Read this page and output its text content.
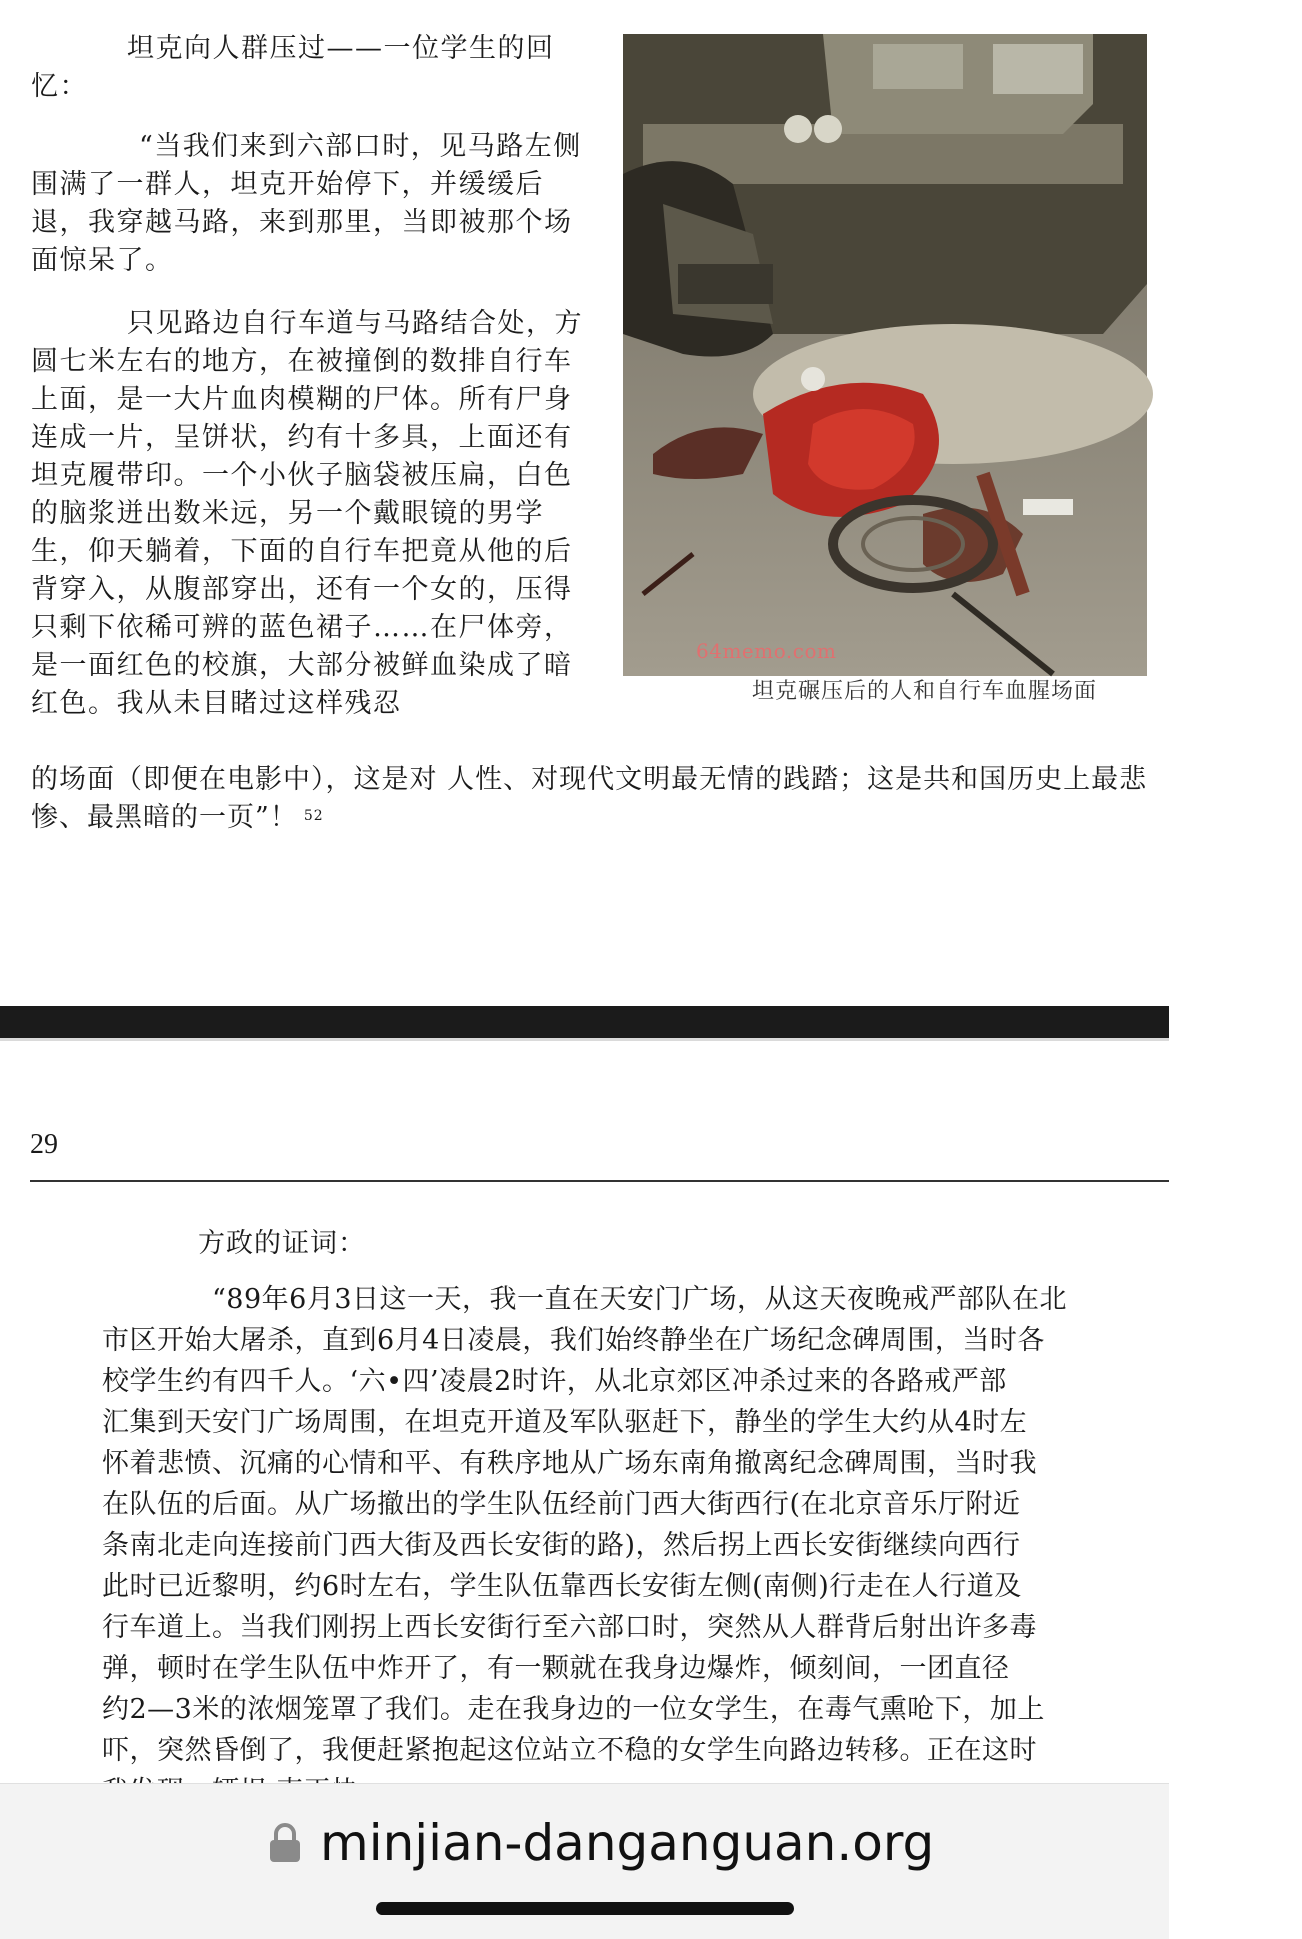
坦克向人群压过——一位学生的回忆：

“当我们来到六部口时，见马路左侧围满了一群人，坦克开始停下，并缓缓后退，我穿越马路，来到那里，当即被那个场面惊呆了。

只见路边自行车道与马路结合处，方圆七米左右的地方，在被撞倒的数排自行车上面，是一大片血肉模糊的尸体。所有尸身连成一片，呈饼状，约有十多具，上面还有坦克履带印。一个小伙子脑袋被压扁，白色的脑浆迸出数米远，另一个戴眼镜的男学生，仰天躺着，下面的自行车把竟从他的后背穿入，从腹部穿出，还有一个女的，压得只剩下依稀可辨的蓝色裙子……在尸体旁，是一面红色的校旗，大部分被鲜血染成了暗红色。我从未目睹过这样残忍

的场面（即便在电影中），这是对 人性、对现代文明最无情的践踏；这是共和国历史上最悲惨、最黑暗的一页”！ $^{52}$

64memo.com
坦克碾压后的人和自行车血腥场面
29
方政的证词：
“89年6月3日这一天，我一直在天安门广场，从这天夜晚戒严部队在北
市区开始大屠杀，直到6月4日凌晨，我们始终静坐在广场纪念碑周围，当时各
校学生约有四千人。‘六•四’凌晨2时许，从北京郊区冲杀过来的各路戒严部
汇集到天安门广场周围，在坦克开道及军队驱赶下，静坐的学生大约从4时左
怀着悲愤、沉痛的心情和平、有秩序地从广场东南角撤离纪念碑周围，当时我
在队伍的后面。从广场撤出的学生队伍经前门西大街西行(在北京音乐厅附近
条南北走向连接前门西大街及西长安街的路)，然后拐上西长安街继续向西行
此时已近黎明，约6时左右，学生队伍靠西长安街左侧(南侧)行走在人行道及
行车道上。当我们刚拐上西长安街行至六部口时，突然从人群背后射出许多毒
弹，顿时在学生队伍中炸开了，有一颗就在我身边爆炸，倾刻间，一团直径
约2—3米的浓烟笼罩了我们。走在我身边的一位女学生，在毒气熏呛下，加上
吓，突然昏倒了，我便赶紧抱起这位站立不稳的女学生向路边转移。正在这时
minjian-danganguan.org
